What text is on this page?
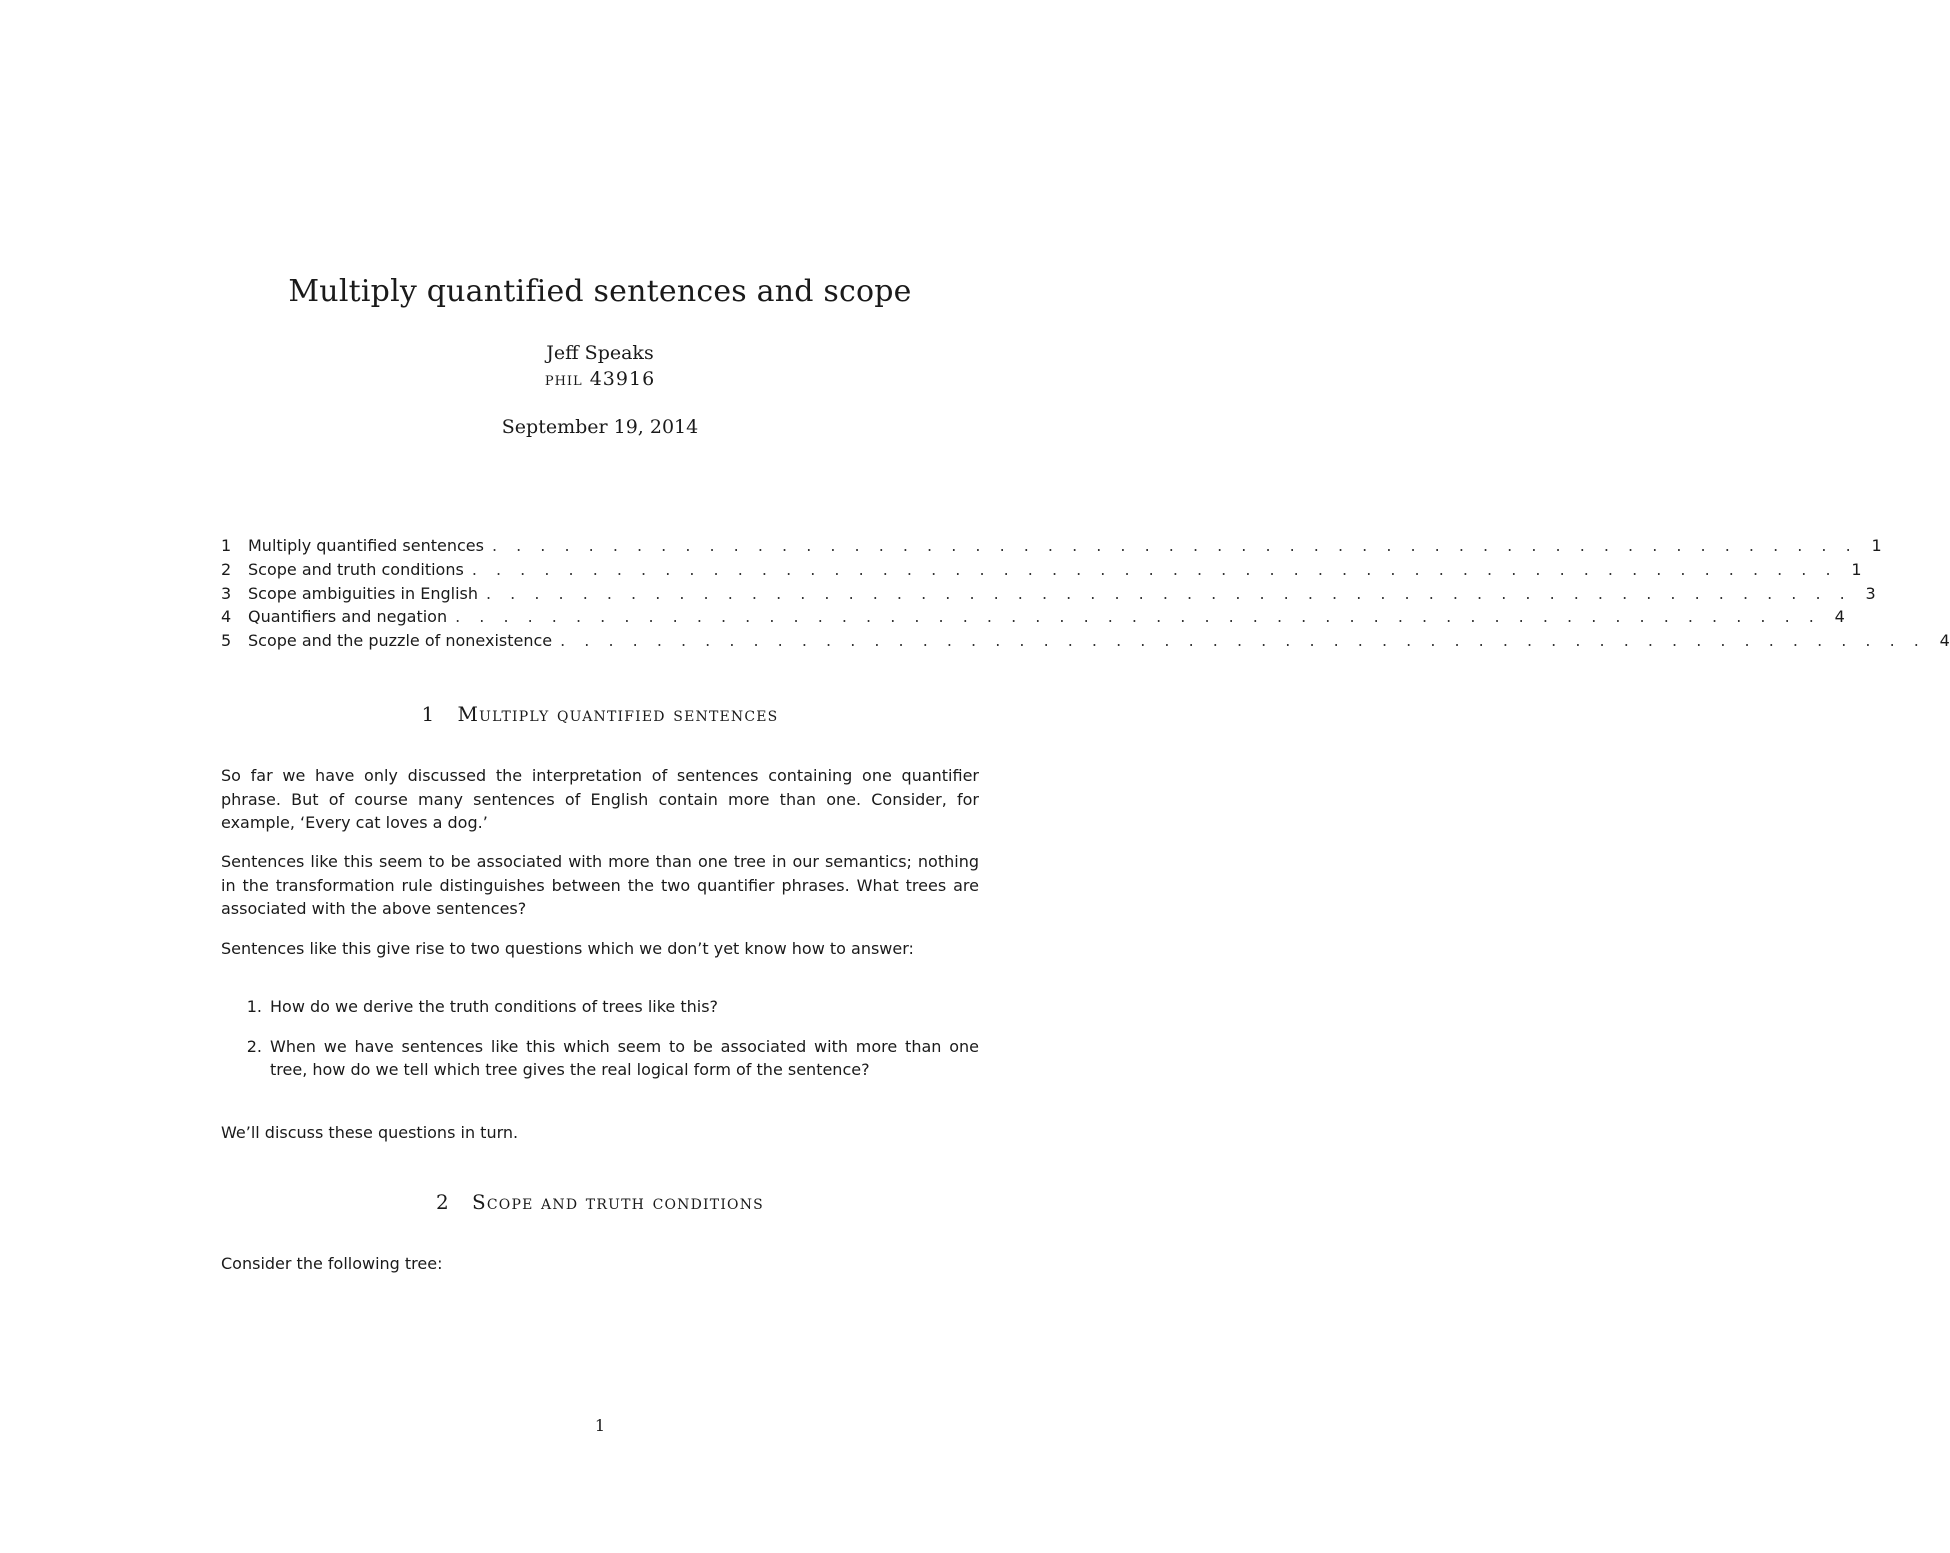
Multiply quantified sentences and scope
Jeff Speaks
phil 43916
September 19, 2014
1	Multiply quantified sentences . . . . . . . . . . . . . . . . . . . . . . . . . . . . . . . . . . . . . . . . . . . . . . . . . . . . . . . . . 1
2	Scope and truth conditions . . . . . . . . . . . . . . . . . . . . . . . . . . . . . . . . . . . . . . . . . . . . . . . . . . . . . . . . . 1
3	Scope ambiguities in English . . . . . . . . . . . . . . . . . . . . . . . . . . . . . . . . . . . . . . . . . . . . . . . . . . . . . . . . . 3
4	Quantifiers and negation . . . . . . . . . . . . . . . . . . . . . . . . . . . . . . . . . . . . . . . . . . . . . . . . . . . . . . . . . 4
5	Scope and the puzzle of nonexistence . . . . . . . . . . . . . . . . . . . . . . . . . . . . . . . . . . . . . . . . . . . . . . . . . . . . . . . . . 4
1 Multiply quantified sentences

So far we have only discussed the interpretation of sentences containing one quantifier phrase. But of course many sentences of English contain more than one. Consider, for example, ‘Every cat loves a dog.’

Sentences like this seem to be associated with more than one tree in our semantics; nothing in the transformation rule distinguishes between the two quantifier phrases. What trees are associated with the above sentences?

Sentences like this give rise to two questions which we don’t yet know how to answer:

1. How do we derive the truth conditions of trees like this?
2. When we have sentences like this which seem to be associated with more than one tree, how do we tell which tree gives the real logical form of the sentence?

We’ll discuss these questions in turn.

2 Scope and truth conditions

Consider the following tree:

1
